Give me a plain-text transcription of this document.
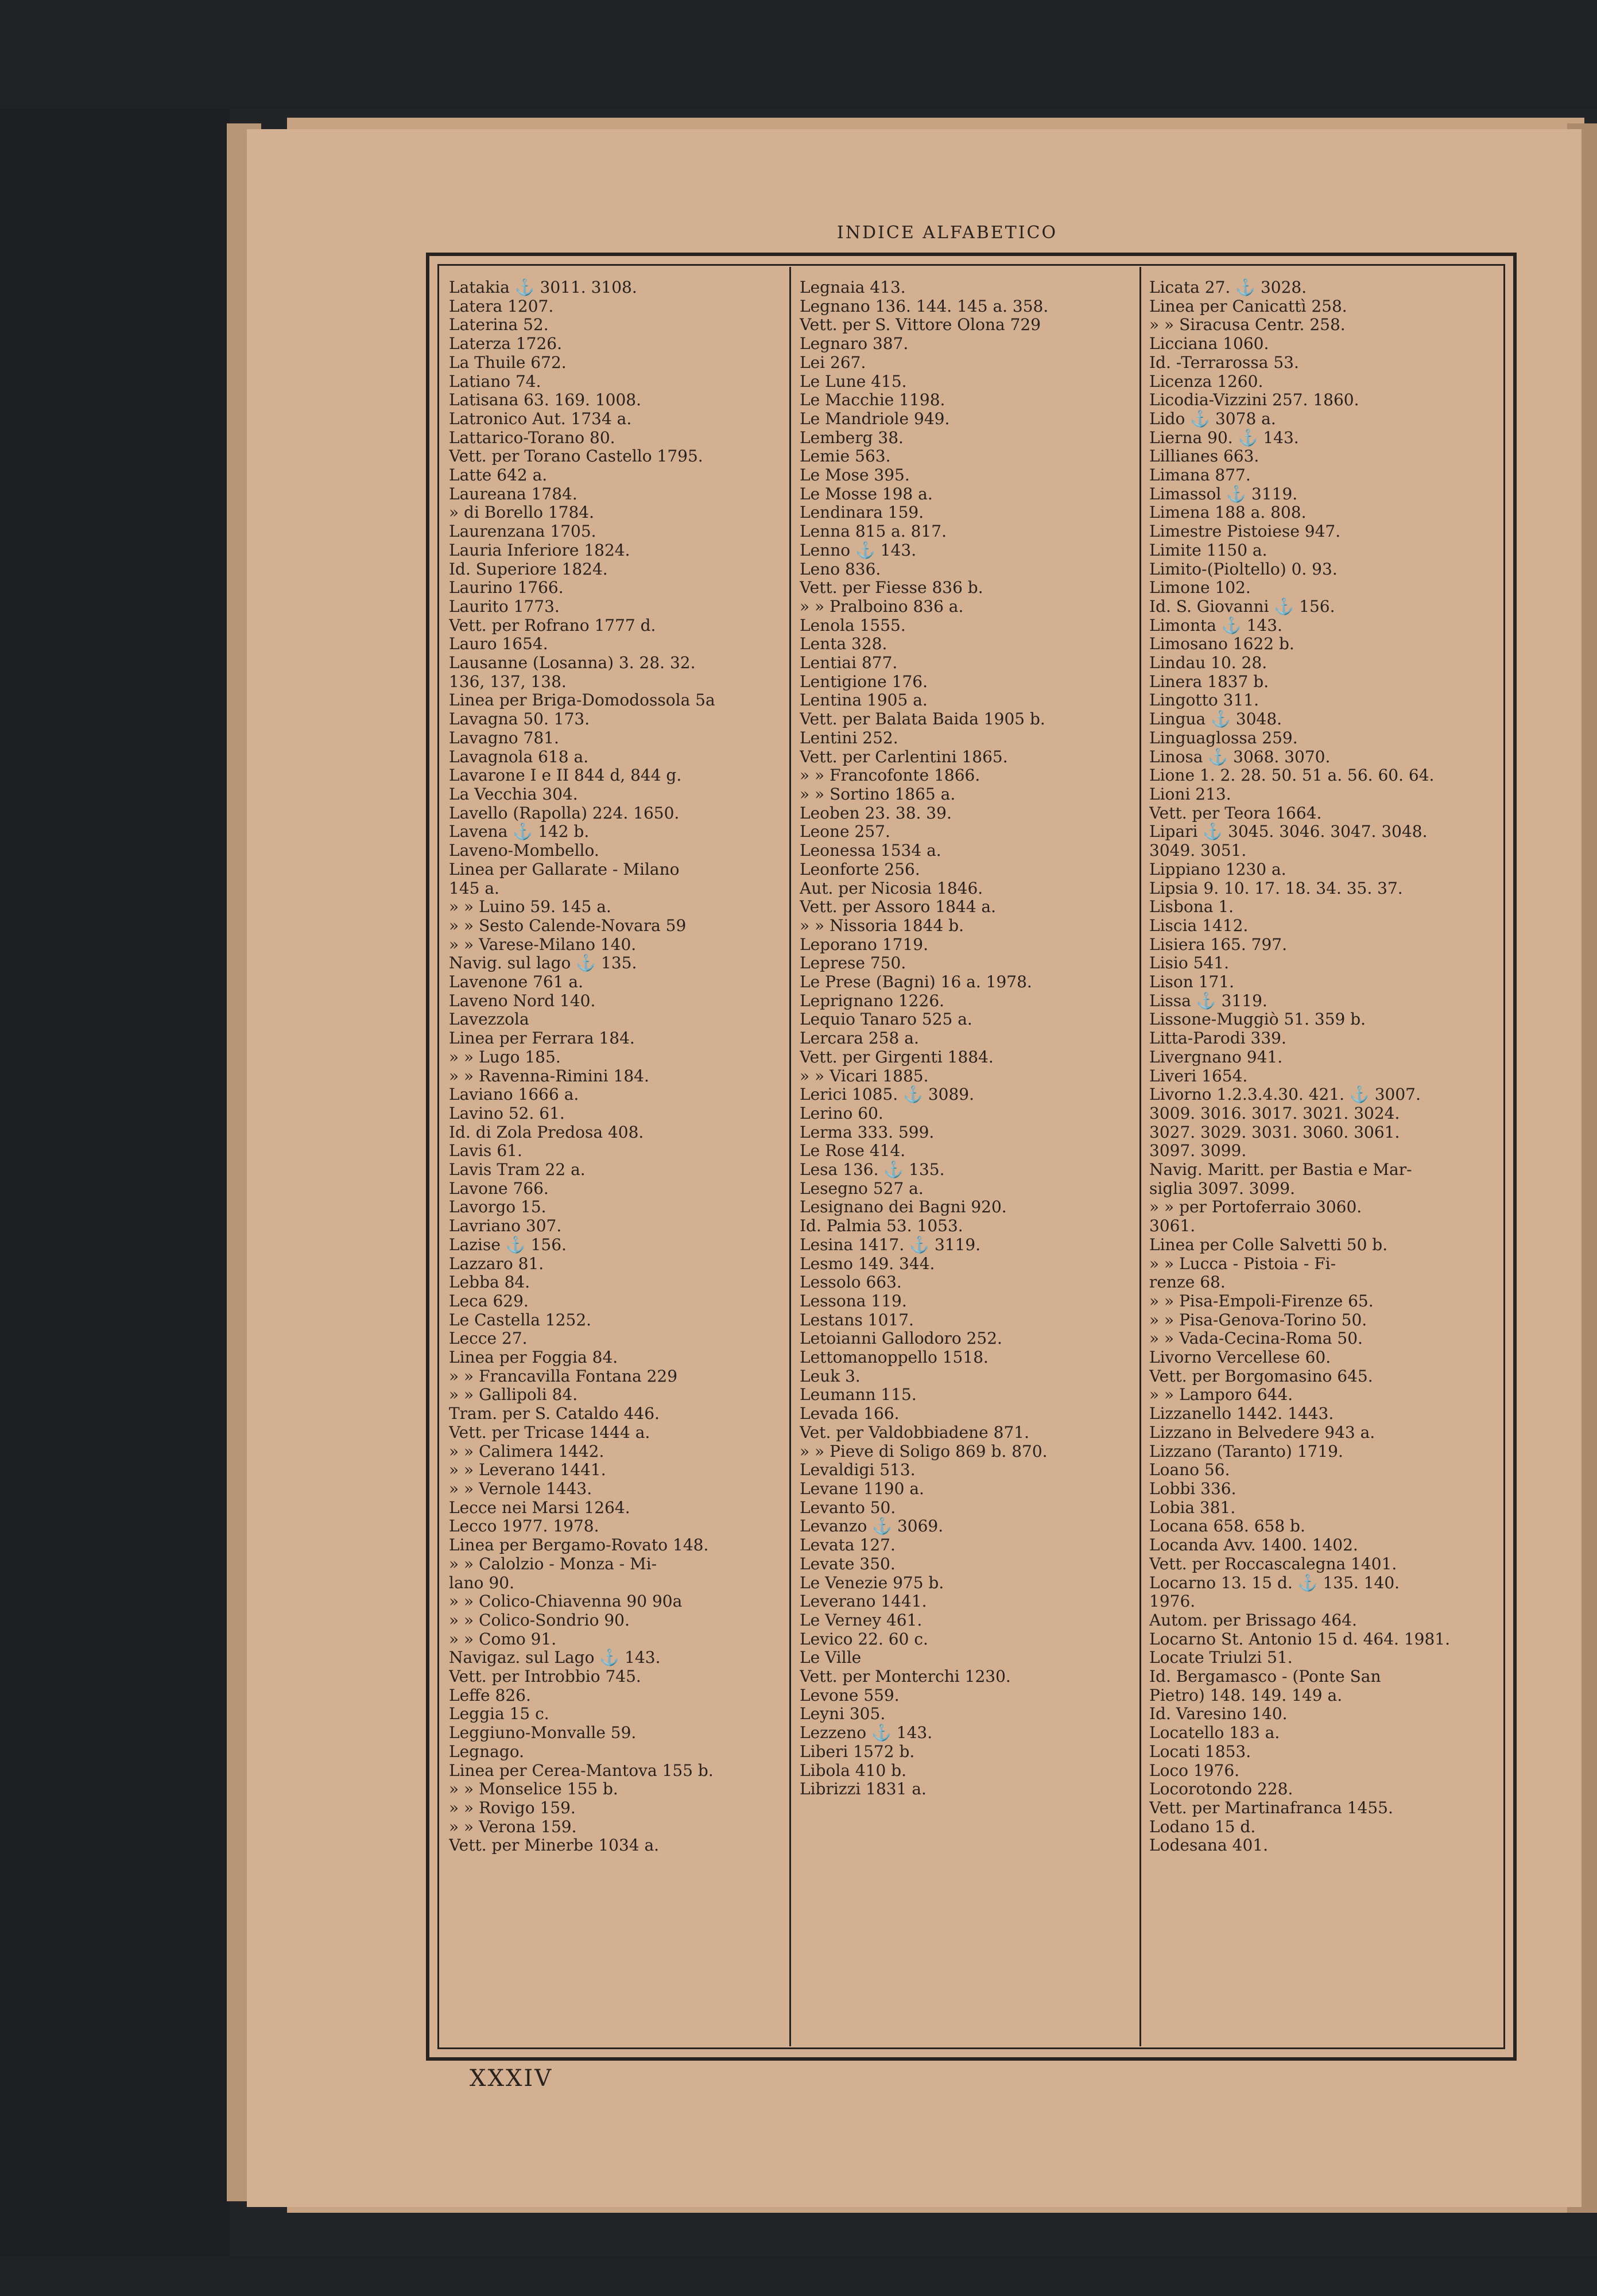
INDICE ALFABETICO
Latakia ⚓ 3011. 3108.
Latera 1207.
Laterina 52.
Laterza 1726.
La Thuile 672.
Latiano 74.
Latisana 63. 169. 1008.
Latronico Aut. 1734 a.
Lattarico-Torano 80.
Vett. per Torano Castello 1795.
Latte 642 a.
Laureana 1784.
» di Borello 1784.
Laurenzana 1705.
Lauria Inferiore 1824.
Id. Superiore 1824.
Laurino 1766.
Laurito 1773.
Vett. per Rofrano 1777 d.
Lauro 1654.
Lausanne (Losanna) 3. 28. 32.
136, 137, 138.
Linea per Briga-Domodossola 5a
Lavagna 50. 173.
Lavagno 781.
Lavagnola 618 a.
Lavarone I e II 844 d, 844 g.
La Vecchia 304.
Lavello (Rapolla) 224. 1650.
Lavena ⚓ 142 b.
Laveno-Mombello.
Linea per Gallarate - Milano
145 a.
» » Luino 59. 145 a.
» » Sesto Calende-Novara 59
» » Varese-Milano 140.
Navig. sul lago ⚓ 135.
Lavenone 761 a.
Laveno Nord 140.
Lavezzola
Linea per Ferrara 184.
» » Lugo 185.
» » Ravenna-Rimini 184.
Laviano 1666 a.
Lavino 52. 61.
Id. di Zola Predosa 408.
Lavis 61.
Lavis Tram 22 a.
Lavone 766.
Lavorgo 15.
Lavriano 307.
Lazise ⚓ 156.
Lazzaro 81.
Lebba 84.
Leca 629.
Le Castella 1252.
Lecce 27.
Linea per Foggia 84.
» » Francavilla Fontana 229
» » Gallipoli 84.
Tram. per S. Cataldo 446.
Vett. per Tricase 1444 a.
» » Calimera 1442.
» » Leverano 1441.
» » Vernole 1443.
Lecce nei Marsi 1264.
Lecco 1977. 1978.
Linea per Bergamo-Rovato 148.
» » Calolzio - Monza - Mi-
lano 90.
» » Colico-Chiavenna 90 90a
» » Colico-Sondrio 90.
» » Como 91.
Navigaz. sul Lago ⚓ 143.
Vett. per Introbbio 745.
Leffe 826.
Leggia 15 c.
Leggiuno-Monvalle 59.
Legnago.
Linea per Cerea-Mantova 155 b.
» » Monselice 155 b.
» » Rovigo 159.
» » Verona 159.
Vett. per Minerbe 1034 a.
Legnaia 413.
Legnano 136. 144. 145 a. 358.
Vett. per S. Vittore Olona 729
Legnaro 387.
Lei 267.
Le Lune 415.
Le Macchie 1198.
Le Mandriole 949.
Lemberg 38.
Lemie 563.
Le Mose 395.
Le Mosse 198 a.
Lendinara 159.
Lenna 815 a. 817.
Lenno ⚓ 143.
Leno 836.
Vett. per Fiesse 836 b.
» » Pralboino 836 a.
Lenola 1555.
Lenta 328.
Lentiai 877.
Lentigione 176.
Lentina 1905 a.
Vett. per Balata Baida 1905 b.
Lentini 252.
Vett. per Carlentini 1865.
» » Francofonte 1866.
» » Sortino 1865 a.
Leoben 23. 38. 39.
Leone 257.
Leonessa 1534 a.
Leonforte 256.
Aut. per Nicosia 1846.
Vett. per Assoro 1844 a.
» » Nissoria 1844 b.
Leporano 1719.
Leprese 750.
Le Prese (Bagni) 16 a. 1978.
Leprignano 1226.
Lequio Tanaro 525 a.
Lercara 258 a.
Vett. per Girgenti 1884.
» » Vicari 1885.
Lerici 1085. ⚓ 3089.
Lerino 60.
Lerma 333. 599.
Le Rose 414.
Lesa 136. ⚓ 135.
Lesegno 527 a.
Lesignano dei Bagni 920.
Id. Palmia 53. 1053.
Lesina 1417. ⚓ 3119.
Lesmo 149. 344.
Lessolo 663.
Lessona 119.
Lestans 1017.
Letoianni Gallodoro 252.
Lettomanoppello 1518.
Leuk 3.
Leumann 115.
Levada 166.
Vet. per Valdobbiadene 871.
» » Pieve di Soligo 869 b. 870.
Levaldigi 513.
Levane 1190 a.
Levanto 50.
Levanzo ⚓ 3069.
Levata 127.
Levate 350.
Le Venezie 975 b.
Leverano 1441.
Le Verney 461.
Levico 22. 60 c.
Le Ville
Vett. per Monterchi 1230.
Levone 559.
Leyni 305.
Lezzeno ⚓ 143.
Liberi 1572 b.
Libola 410 b.
Librizzi 1831 a.
Licata 27. ⚓ 3028.
Linea per Canicattì 258.
» » Siracusa Centr. 258.
Licciana 1060.
Id. -Terrarossa 53.
Licenza 1260.
Licodia-Vizzini 257. 1860.
Lido ⚓ 3078 a.
Lierna 90. ⚓ 143.
Lillianes 663.
Limana 877.
Limassol ⚓ 3119.
Limena 188 a. 808.
Limestre Pistoiese 947.
Limite 1150 a.
Limito-(Pioltello) 0. 93.
Limone 102.
Id. S. Giovanni ⚓ 156.
Limonta ⚓ 143.
Limosano 1622 b.
Lindau 10. 28.
Linera 1837 b.
Lingotto 311.
Lingua ⚓ 3048.
Linguaglossa 259.
Linosa ⚓ 3068. 3070.
Lione 1. 2. 28. 50. 51 a. 56. 60. 64.
Lioni 213.
Vett. per Teora 1664.
Lipari ⚓ 3045. 3046. 3047. 3048.
3049. 3051.
Lippiano 1230 a.
Lipsia 9. 10. 17. 18. 34. 35. 37.
Lisbona 1.
Liscia 1412.
Lisiera 165. 797.
Lisio 541.
Lison 171.
Lissa ⚓ 3119.
Lissone-Muggiò 51. 359 b.
Litta-Parodi 339.
Livergnano 941.
Liveri 1654.
Livorno 1.2.3.4.30. 421. ⚓ 3007.
3009. 3016. 3017. 3021. 3024.
3027. 3029. 3031. 3060. 3061.
3097. 3099.
Navig. Maritt. per Bastia e Mar-
siglia 3097. 3099.
» » per Portoferraio 3060.
3061.
Linea per Colle Salvetti 50 b.
» » Lucca - Pistoia - Fi-
renze 68.
» » Pisa-Empoli-Firenze 65.
» » Pisa-Genova-Torino 50.
» » Vada-Cecina-Roma 50.
Livorno Vercellese 60.
Vett. per Borgomasino 645.
» » Lamporo 644.
Lizzanello 1442. 1443.
Lizzano in Belvedere 943 a.
Lizzano (Taranto) 1719.
Loano 56.
Lobbi 336.
Lobia 381.
Locana 658. 658 b.
Locanda Avv. 1400. 1402.
Vett. per Roccascalegna 1401.
Locarno 13. 15 d. ⚓ 135. 140.
1976.
Autom. per Brissago 464.
Locarno St. Antonio 15 d. 464. 1981.
Locate Triulzi 51.
Id. Bergamasco - (Ponte San
Pietro) 148. 149. 149 a.
Id. Varesino 140.
Locatello 183 a.
Locati 1853.
Loco 1976.
Locorotondo 228.
Vett. per Martinafranca 1455.
Lodano 15 d.
Lodesana 401.
XXXIV
